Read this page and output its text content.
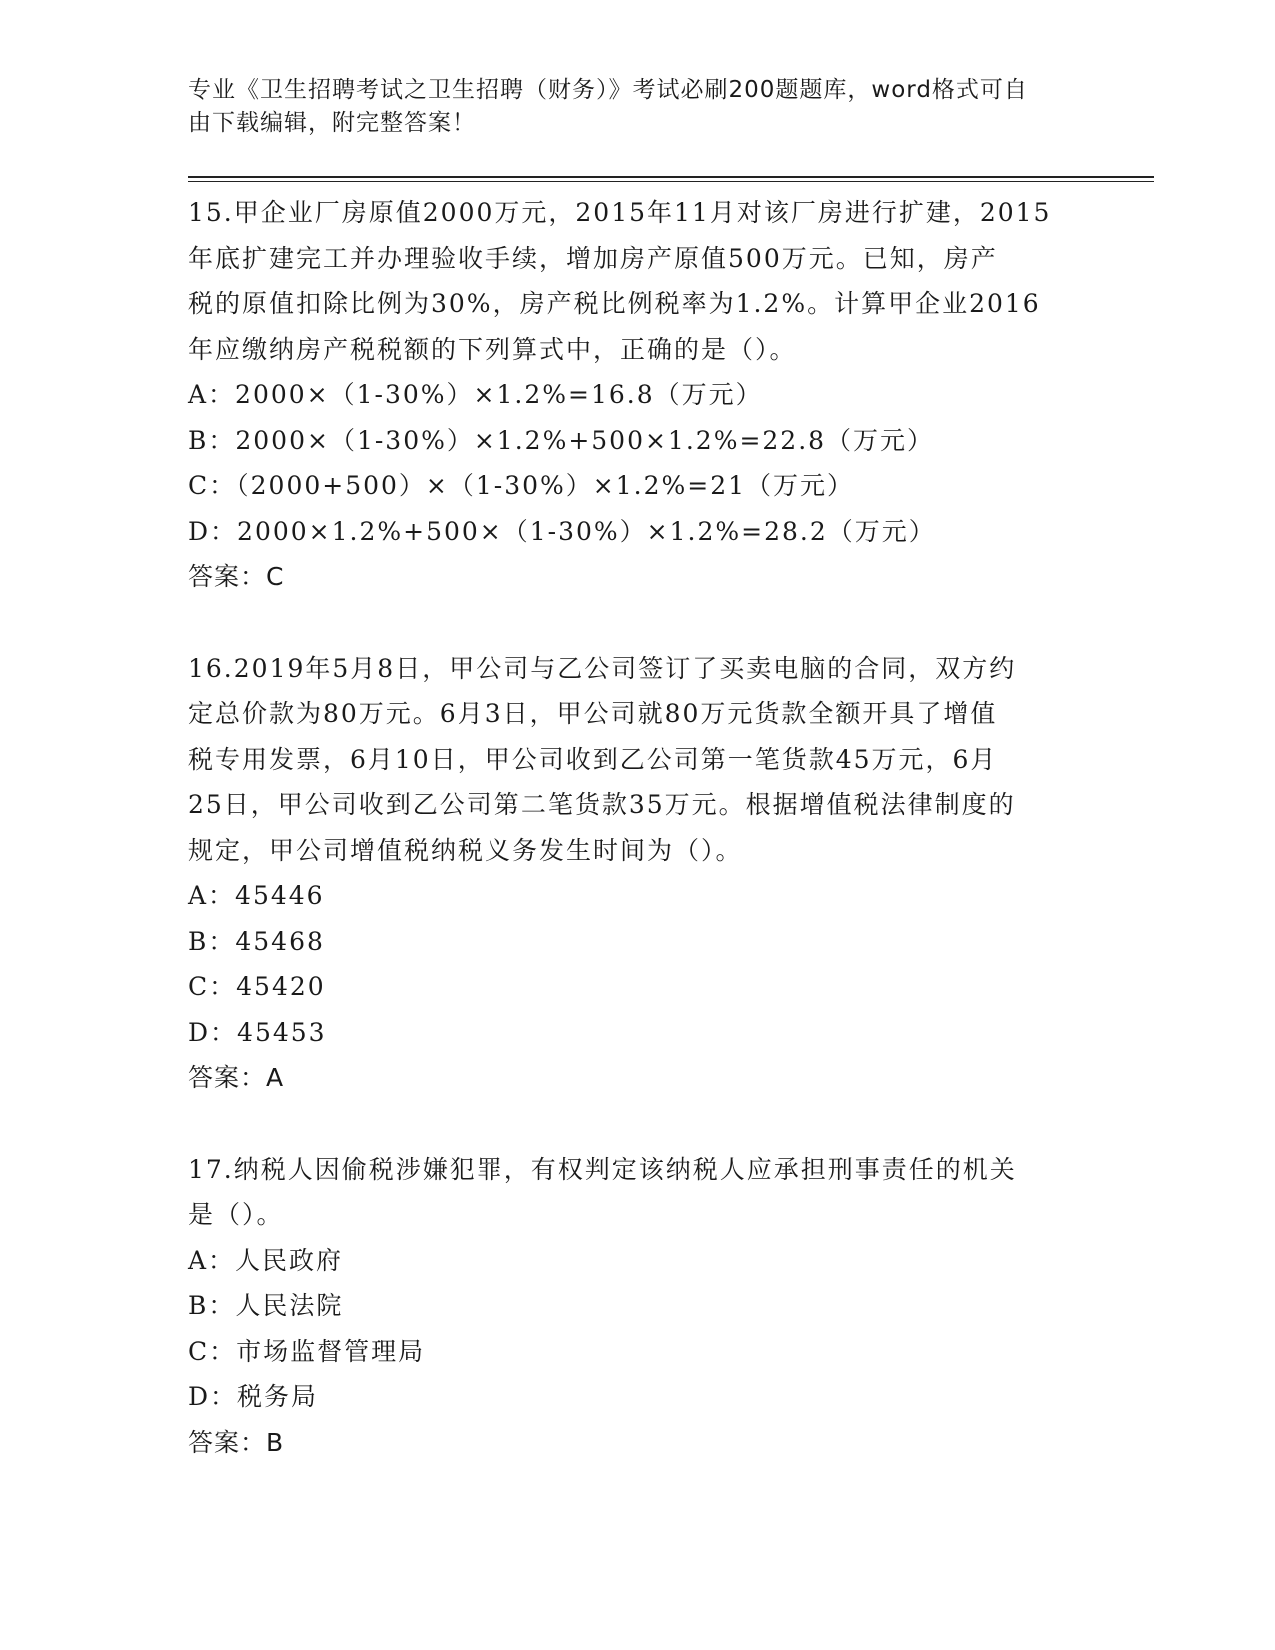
专业《卫生招聘考试之卫生招聘（财务）》考试必刷200题题库，word格式可自
由下载编辑，附完整答案！
15.甲企业厂房原值2000万元，2015年11月对该厂房进行扩建，2015
年底扩建完工并办理验收手续，增加房产原值500万元。已知，房产
税的原值扣除比例为30%，房产税比例税率为1.2%。计算甲企业2016
年应缴纳房产税税额的下列算式中，正确的是（）。
A：2000×（1-30%）×1.2%=16.8（万元）
B：2000×（1-30%）×1.2%+500×1.2%=22.8（万元）
C：（2000+500）×（1-30%）×1.2%=21（万元）
D：2000×1.2%+500×（1-30%）×1.2%=28.2（万元）
答案：C
16.2019年5月8日，甲公司与乙公司签订了买卖电脑的合同，双方约
定总价款为80万元。6月3日，甲公司就80万元货款全额开具了增值
税专用发票，6月10日，甲公司收到乙公司第一笔货款45万元，6月
25日，甲公司收到乙公司第二笔货款35万元。根据增值税法律制度的
规定，甲公司增值税纳税义务发生时间为（）。
A：45446
B：45468
C：45420
D：45453
答案：A
17.纳税人因偷税涉嫌犯罪，有权判定该纳税人应承担刑事责任的机关
是（）。
A：人民政府
B：人民法院
C：市场监督管理局
D：税务局
答案：B
